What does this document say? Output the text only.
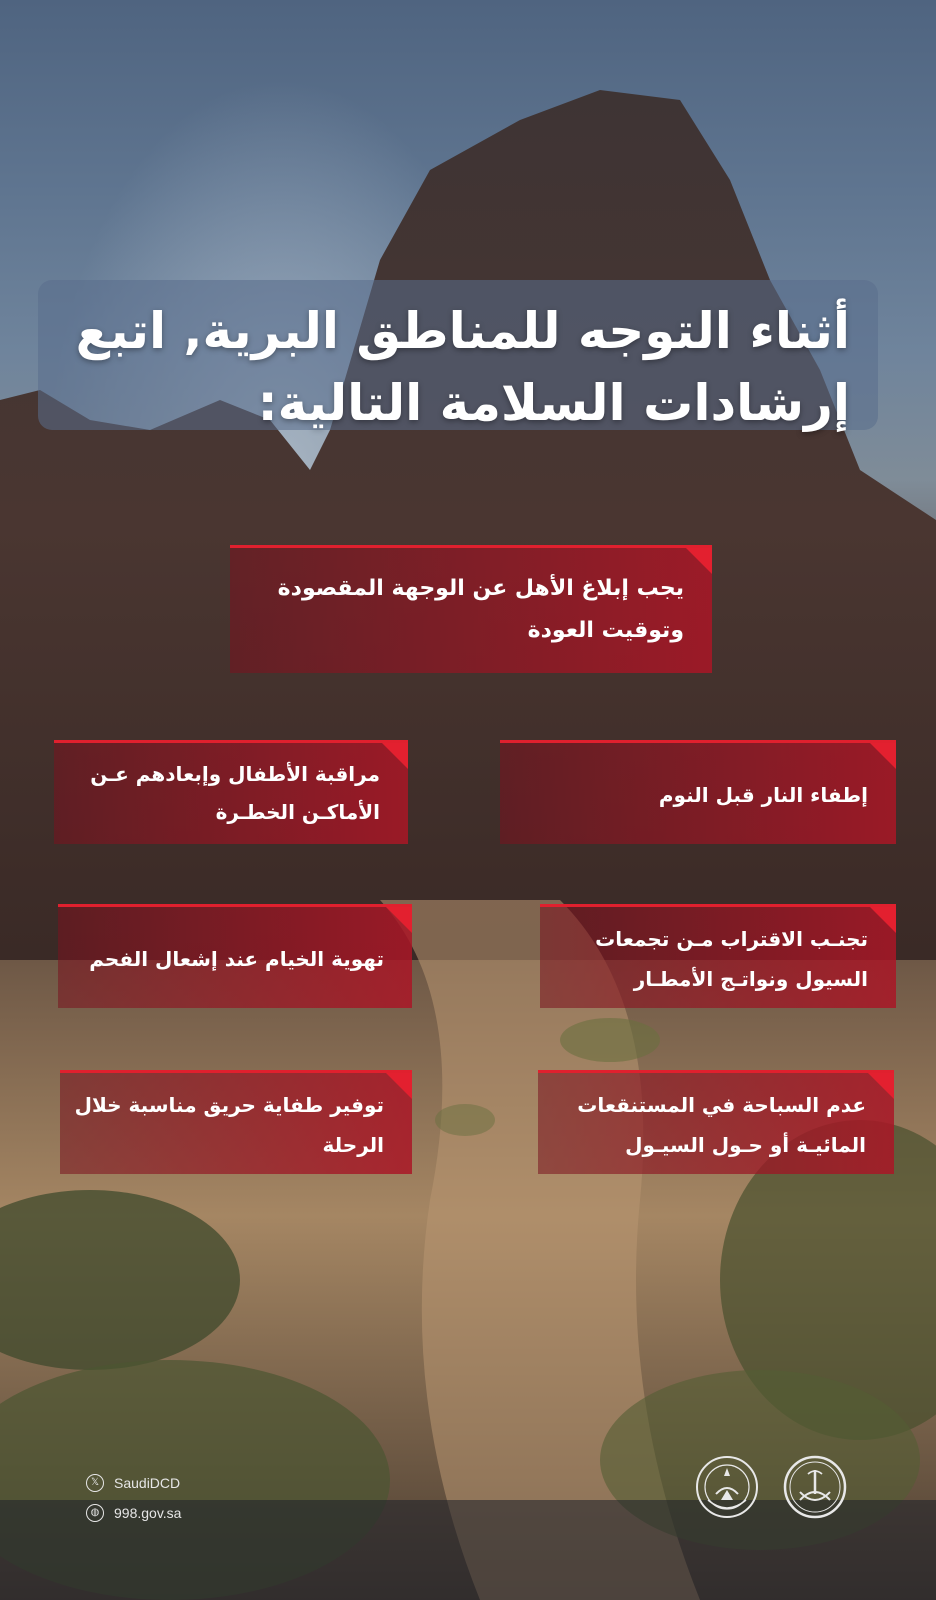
أثناء التوجه للمناطق البرية, اتبع إرشادات السلامة التالية:
يجب إبلاغ الأهل عن الوجهة المقصودة وتوقيت العودة
إطفاء النار قبل النوم
مراقبة الأطفال وإبعادهم عـن الأماكـن الخطـرة
تجنـب الاقتراب مـن تجمعات السيول ونواتـج الأمطـار
تهوية الخيام عند إشعال الفحم
عدم السباحة في المستنقعات المائيـة أو حـول السيـول
توفير طفاية حريق مناسبة خلال الرحلة
𝕏	SaudiDCD
◍	998.gov.sa
